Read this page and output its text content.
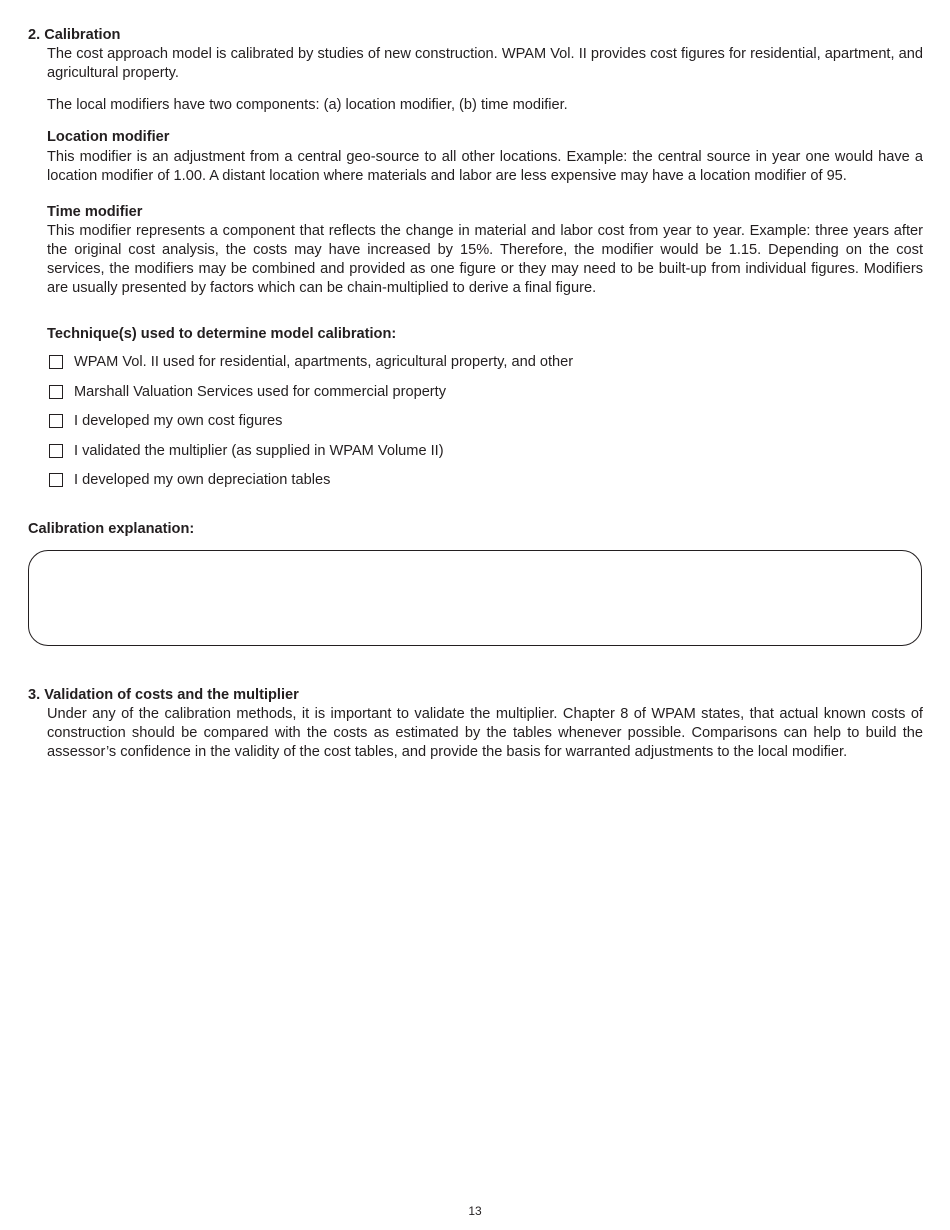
2. Calibration
The cost approach model is calibrated by studies of new construction. WPAM Vol. II provides cost figures for residential, apartment, and agricultural property.
The local modifiers have two components: (a) location modifier, (b) time modifier.
Location modifier
This modifier is an adjustment from a central geo-source to all other locations. Example: the central source in year one would have a location modifier of 1.00. A distant location where materials and labor are less expensive may have a location modifier of 95.
Time modifier
This modifier represents a component that reflects the change in material and labor cost from year to year. Example: three years after the original cost analysis, the costs may have increased by 15%. Therefore, the modifier would be 1.15. Depending on the cost services, the modifiers may be combined and provided as one figure or they may need to be built-up from individual figures. Modifiers are usually presented by factors which can be chain-multiplied to derive a final figure.
Technique(s) used to determine model calibration:
WPAM Vol. II used for residential, apartments, agricultural property, and other
Marshall Valuation Services used for commercial property
I developed my own cost figures
I validated the multiplier (as supplied in WPAM Volume II)
I developed my own depreciation tables
Calibration explanation:
3. Validation of costs and the multiplier
Under any of the calibration methods, it is important to validate the multiplier. Chapter 8 of WPAM states, that actual known costs of construction should be compared with the costs as estimated by the tables whenever possible. Comparisons can help to build the assessor’s confidence in the validity of the cost tables, and provide the basis for warranted adjustments to the local modifier.
13
